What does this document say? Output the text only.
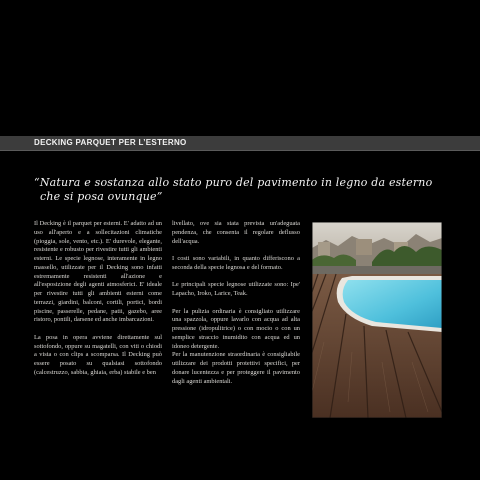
DECKING PARQUET PER L’ESTERNO
“Natura e sostanza allo stato puro del pavimento in legno da esterno
che si posa ovunque”

Il Decking è il parquet per esterni. E' adatto ad un uso all'aperto e a sollecitazioni climatiche (pioggia, sole, vento, etc.). E' durevole, elegante, resistente e robusto per rivestire tutti gli ambienti esterni. Le specie legnose, interamente in legno massello, utilizzate per il Decking sono infatti estremamente resistenti all'azione e all'esposizione degli agenti atmosferici. E' ideale per rivestire tutti gli ambienti esterni come terrazzi, giardini, balconi, cortili, portici, bordi piscine, passerelle, pedane, patii, gazebo, aree ristoro, pontili, darsene ed anche imbarcazioni.

La posa in opera avviene direttamente sul sottofondo, oppure su magatelli, con viti o chiodi a vista o con clips a scomparsa. Il Decking può essere posato su qualsiasi sottofondo (calcestruzzo, sabbia, ghiaia, erba) stabile e ben

livellato, ove sia stata prevista un'adeguata pendenza, che consenta il regolare deflusso dell'acqua.

I costi sono variabili, in quanto differiscono a seconda della specie legnosa e del formato.

Le principali specie legnose utilizzate sono: Ipe' Lapacho, Iroko, Larice, Teak.

Per la pulizia ordinaria è consigliato utilizzare una spazzola, oppure lavarlo con acqua ad alta pressione (idropulitrice) o con mocio o con un semplice straccio inumidito con acqua ed un idoneo detergente.

Per la manutenzione straordinaria è consigliabile utilizzare dei prodotti protettivi specifici, per donare lucentezza e per proteggere il pavimento dagli agenti ambientali.
